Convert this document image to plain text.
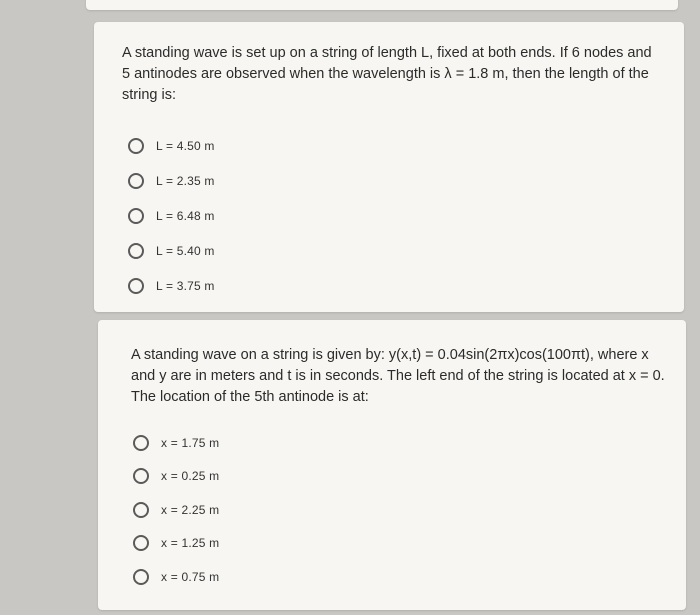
A standing wave is set up on a string of length L, fixed at both ends. If 6 nodes and 5 antinodes are observed when the wavelength is λ = 1.8 m, then the length of the string is:
L = 4.50 m
L = 2.35 m
L = 6.48 m
L = 5.40 m
L = 3.75 m
A standing wave on a string is given by: y(x,t) = 0.04sin(2πx)cos(100πt), where x and y are in meters and t is in seconds. The left end of the string is located at x = 0. The location of the 5th antinode is at:
x = 1.75 m
x = 0.25 m
x = 2.25 m
x = 1.25 m
x = 0.75 m
